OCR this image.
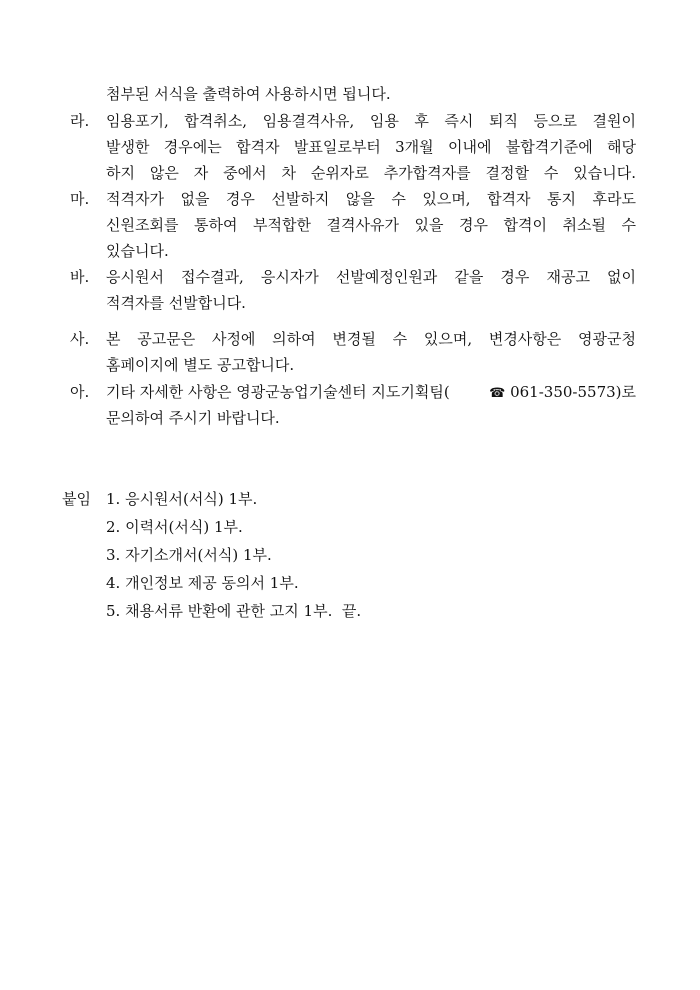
첨부된 서식을 출력하여 사용하시면 됩니다.
라. 임용포기, 합격취소, 임용결격사유, 임용 후 즉시 퇴직 등으로 결원이
발생한 경우에는 합격자 발표일로부터 3개월 이내에 불합격기준에 해당
하지 않은 자 중에서 차 순위자로 추가합격자를 결정할 수 있습니다.
마. 적격자가 없을 경우 선발하지 않을 수 있으며, 합격자 통지 후라도
신원조회를 통하여 부적합한 결격사유가 있을 경우 합격이 취소될 수
있습니다.
바. 응시원서 접수결과, 응시자가 선발예정인원과 같을 경우 재공고 없이
적격자를 선발합니다.
사. 본 공고문은 사정에 의하여 변경될 수 있으며, 변경사항은 영광군청
홈페이지에 별도 공고합니다.
아. 기타 자세한 사항은 영광군농업기술센터 지도기획팀(	☎ 061-350-5573)로
문의하여 주시기 바랍니다.
붙임 1. 응시원서(서식) 1부.
2. 이력서(서식) 1부.
3. 자기소개서(서식) 1부.
4. 개인정보 제공 동의서 1부.
5. 채용서류 반환에 관한 고지 1부.  끝.
